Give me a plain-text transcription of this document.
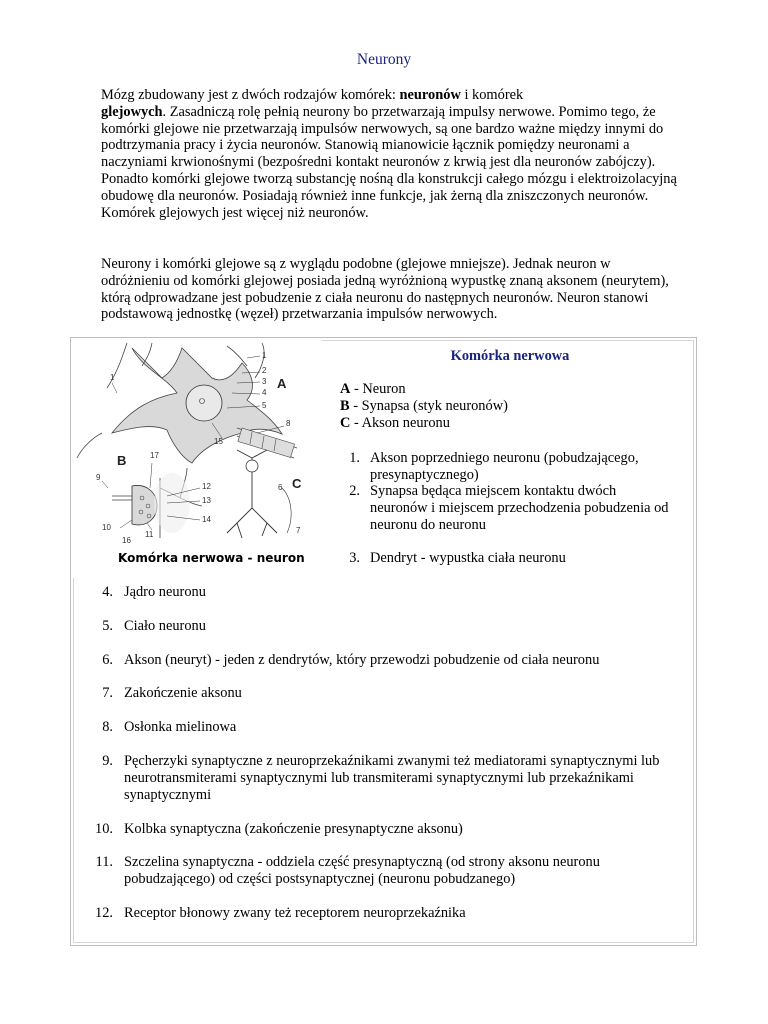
Neurony

Mózg zbudowany jest z dwóch rodzajów komórek: neuronów i komórek
glejowych. Zasadniczą rolę pełnią neurony bo przetwarzają impulsy nerwowe. Pomimo tego, że komórki glejowe nie przetwarzają impulsów nerwowych, są one bardzo ważne między innymi do podtrzymania pracy i życia neuronów. Stanowią mianowicie łącznik pomiędzy neuronami a naczyniami krwionośnymi (bezpośredni kontakt neuronów z krwią jest dla neuronów zabójczy). Ponadto komórki glejowe tworzą substancję nośną dla konstrukcji całego mózgu i elektroizolacyjną obudowę dla neuronów. Posiadają również inne funkcje, jak żerną dla zniszczonych neuronów. Komórek glejowych jest więcej niż neuronów.

Neurony i komórki glejowe są z wyglądu podobne (glejowe mniejsze). Jednak neuron w odróżnieniu od komórki glejowej posiada jedną wyróżnioną wypustkę znaną aksonem (neurytem), którą odprowadzane jest pobudzenie z ciała neuronu do następnych neuronów. Neuron stanowi podstawową jednostkę (węzeł) przetwarzania impulsów nerwowych.

1
2
3
4
5
8
1
15
17
9
12
13
14
10
11
16
6
7
A
B
C
Komórka nerwowa - neuron
Komórka nerwowa
A - Neuron
B - Synapsa (styk neuronów)
C - Akson neuronu
1. Akson poprzedniego neuronu (pobudzającego, presynaptycznego)
2. Synapsa będąca miejscem kontaktu dwóch neuronów i miejscem przechodzenia pobudzenia od neuronu do neuronu
3. Dendryt - wypustka ciała neuronu
4. Jądro neuronu
5. Ciało neuronu
6. Akson (neuryt) - jeden z dendrytów, który przewodzi pobudzenie od ciała neuronu
7. Zakończenie aksonu
8. Osłonka mielinowa
9. Pęcherzyki synaptyczne z neuroprzekaźnikami zwanymi też mediatorami synaptycznymi lub neurotransmiterami synaptycznymi lub transmiterami synaptycznymi lub przekaźnikami synaptycznymi
10. Kolbka synaptyczna (zakończenie presynaptyczne aksonu)
11. Szczelina synaptyczna - oddziela część presynaptyczną (od strony aksonu neuronu pobudzającego) od części postsynaptycznej (neuronu pobudzanego)
12. Receptor błonowy zwany też receptorem neuroprzekaźnika
